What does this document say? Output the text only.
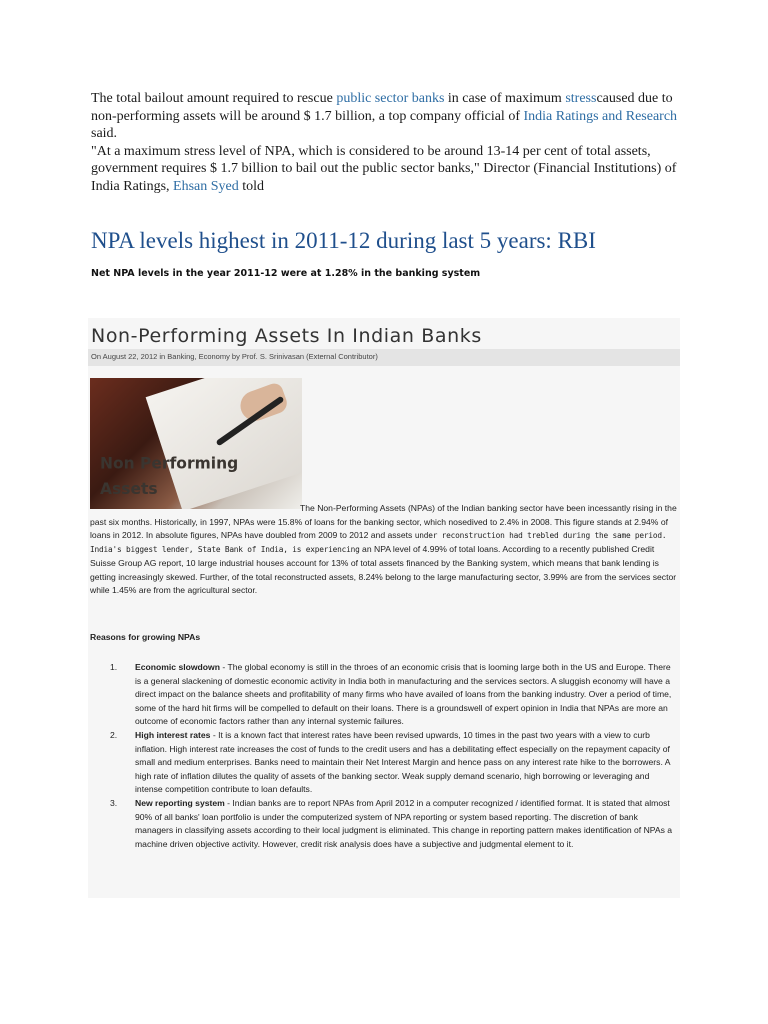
The total bailout amount required to rescue public sector banks in case of maximum stresscaused due to non-performing assets will be around $ 1.7 billion, a top company official of India Ratings and Research said.

"At a maximum stress level of NPA, which is considered to be around 13-14 per cent of total assets, government requires $ 1.7 billion to bail out the public sector banks," Director (Financial Institutions) of India Ratings, Ehsan Syed told

NPA levels highest in 2011-12 during last 5 years: RBI

Net NPA levels in the year 2011-12 were at 1.28% in the banking system

Non-Performing Assets In Indian Banks
On August 22, 2012 in Banking, Economy by Prof. S. Srinivasan (External Contributor)
Non Performing
Assets
The Non-Performing Assets (NPAs) of the Indian banking sector have been incessantly rising in the past six months. Historically, in 1997, NPAs were 15.8% of loans for the banking sector, which nosedived to 2.4% in 2008. This figure stands at 2.94% of loans in 2012. In absolute figures, NPAs have doubled from 2009 to 2012 and assets under reconstruction had trebled during the same period. India's biggest lender, State Bank of India, is experiencing an NPA level of 4.99% of total loans. According to a recently published Credit Suisse Group AG report, 10 large industrial houses account for 13% of total assets financed by the Banking system, which means that bank lending is getting increasingly skewed. Further, of the total reconstructed assets, 8.24% belong to the large manufacturing sector, 3.99% are from the services sector while 1.45% are from the agricultural sector.
Reasons for growing NPAs
1. Economic slowdown - The global economy is still in the throes of an economic crisis that is looming large both in the US and Europe. There is a general slackening of domestic economic activity in India both in manufacturing and the services sectors. A sluggish economy will have a direct impact on the balance sheets and profitability of many firms who have availed of loans from the banking industry. Over a period of time, some of the hard hit firms will be compelled to default on their loans. There is a groundswell of expert opinion in India that NPAs are more an outcome of economic factors rather than any internal systemic failures.
2. High interest rates - It is a known fact that interest rates have been revised upwards, 10 times in the past two years with a view to curb inflation. High interest rate increases the cost of funds to the credit users and has a debilitating effect especially on the repayment capacity of small and medium enterprises. Banks need to maintain their Net Interest Margin and hence pass on any interest rate hike to the borrowers. A high rate of inflation dilutes the quality of assets of the banking sector. Weak supply demand scenario, high borrowing or leveraging and intense competition contribute to loan defaults.
3. New reporting system - Indian banks are to report NPAs from April 2012 in a computer recognized / identified format. It is stated that almost 90% of all banks' loan portfolio is under the computerized system of NPA reporting or system based reporting. The discretion of bank managers in classifying assets according to their local judgment is eliminated. This change in reporting pattern makes identification of NPAs a machine driven objective activity. However, credit risk analysis does have a subjective and judgmental element to it.
